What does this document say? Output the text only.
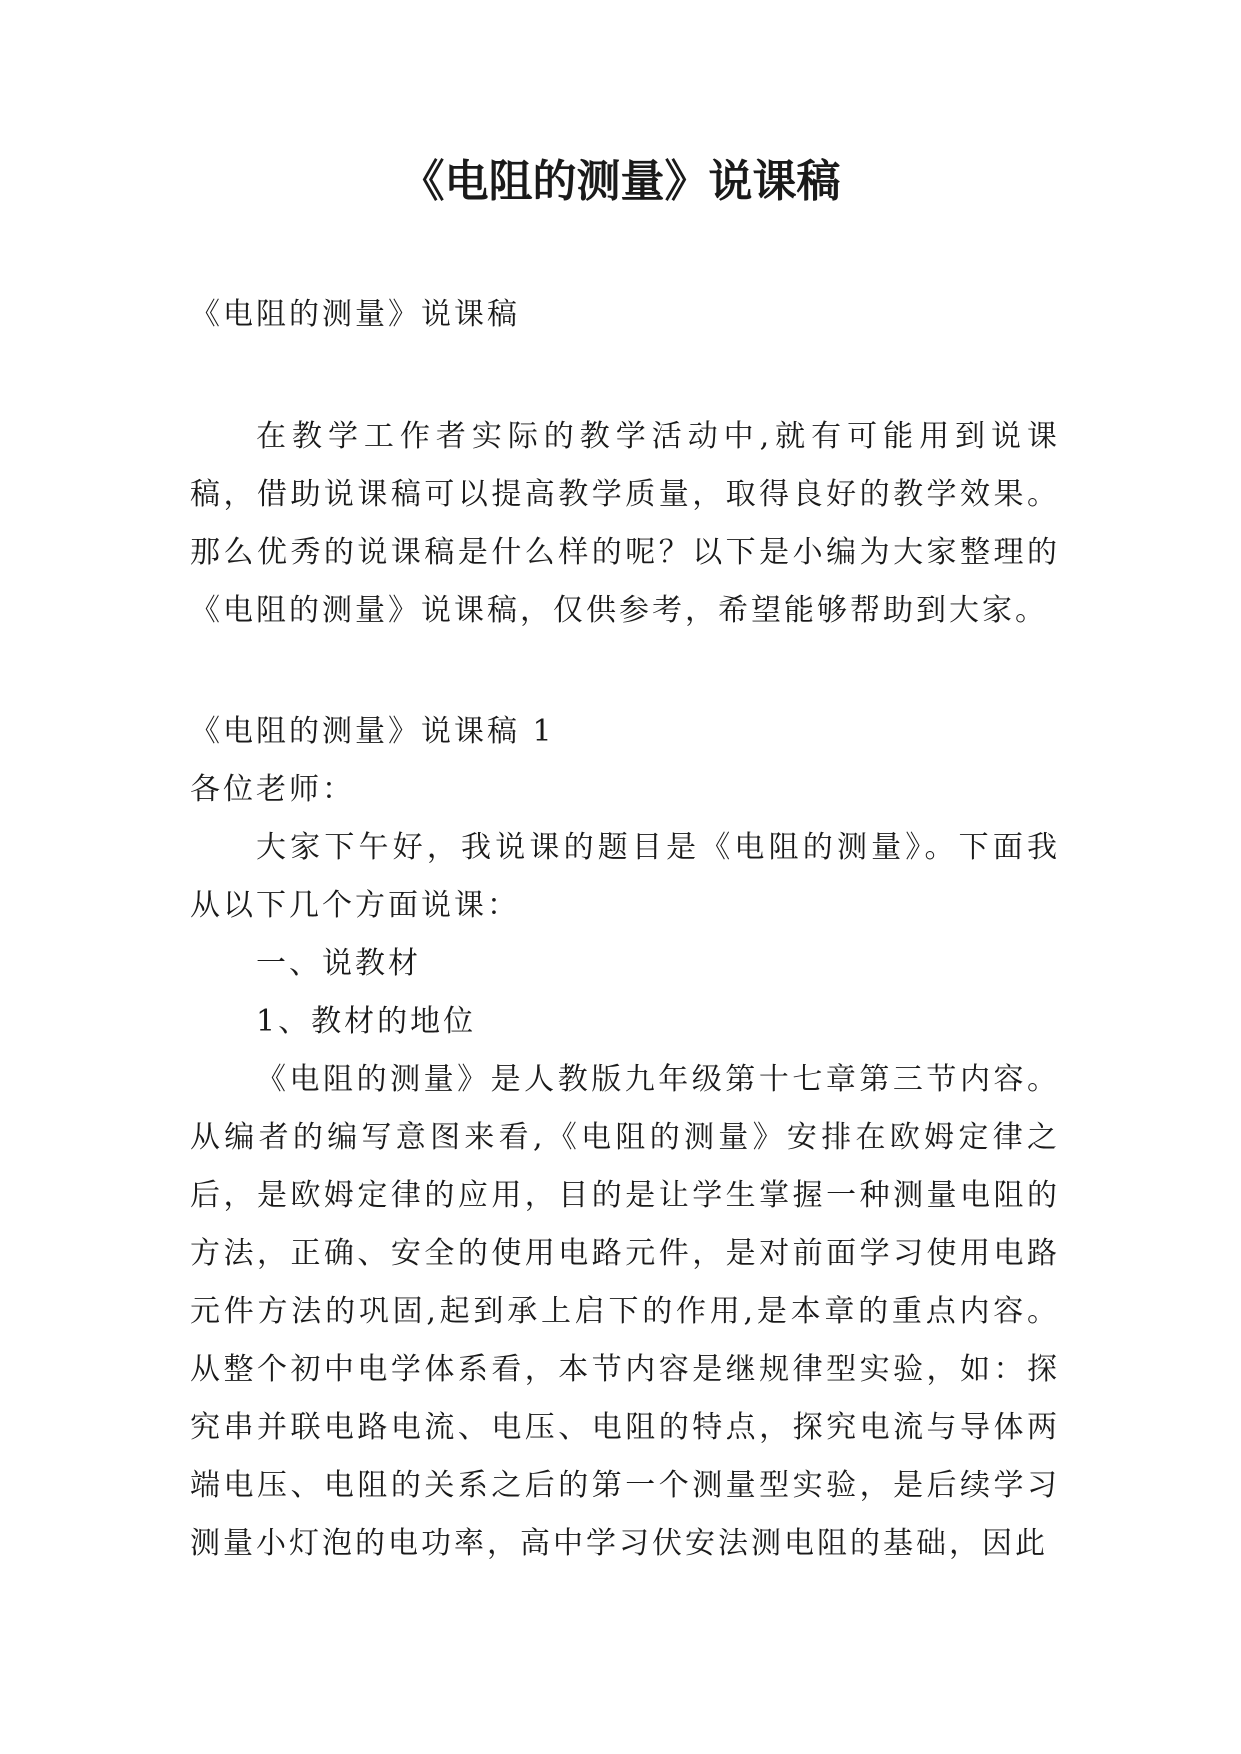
《电阻的测量》说课稿

《电阻的测量》说课稿

在教学工作者实际的教学活动中,就有可能用到说课稿，借助说课稿可以提高教学质量，取得良好的教学效果。那么优秀的说课稿是什么样的呢？以下是小编为大家整理的《电阻的测量》说课稿，仅供参考，希望能够帮助到大家。

《电阻的测量》说课稿 1

各位老师：

大家下午好，我说课的题目是《电阻的测量》。下面我从以下几个方面说课：

一、说教材

1、教材的地位

《电阻的测量》是人教版九年级第十七章第三节内容。从编者的编写意图来看,《电阻的测量》安排在欧姆定律之后，是欧姆定律的应用，目的是让学生掌握一种测量电阻的方法，正确、安全的使用电路元件，是对前面学习使用电路元件方法的巩固,起到承上启下的作用,是本章的重点内容。从整个初中电学体系看，本节内容是继规律型实验，如：探究串并联电路电流、电压、电阻的特点，探究电流与导体两端电压、电阻的关系之后的第一个测量型实验，是后续学习测量小灯泡的电功率，高中学习伏安法测电阻的基础，因此
